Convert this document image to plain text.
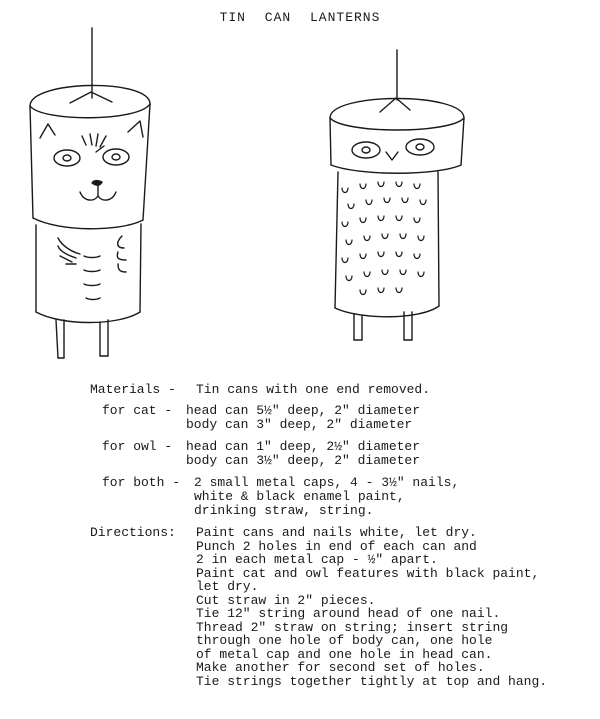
TIN CAN LANTERNS
Materials - Tin cans with one end removed.
for cat - head can 5½" deep, 2" diameter
body can 3" deep, 2" diameter
for owl - head can 1" deep, 2½" diameter
body can 3½" deep, 2" diameter
for both - 2 small metal caps, 4 - 3½" nails,
white & black enamel paint,
drinking straw, string.
Directions: Paint cans and nails white, let dry.
Punch 2 holes in end of each can and
2 in each metal cap - ½" apart.
Paint cat and owl features with black paint,
let dry.
Cut straw in 2" pieces.
Tie 12" string around head of one nail.
Thread 2" straw on string; insert string
through one hole of body can, one hole
of metal cap and one hole in head can.
Make another for second set of holes.
Tie strings together tightly at top and hang.
